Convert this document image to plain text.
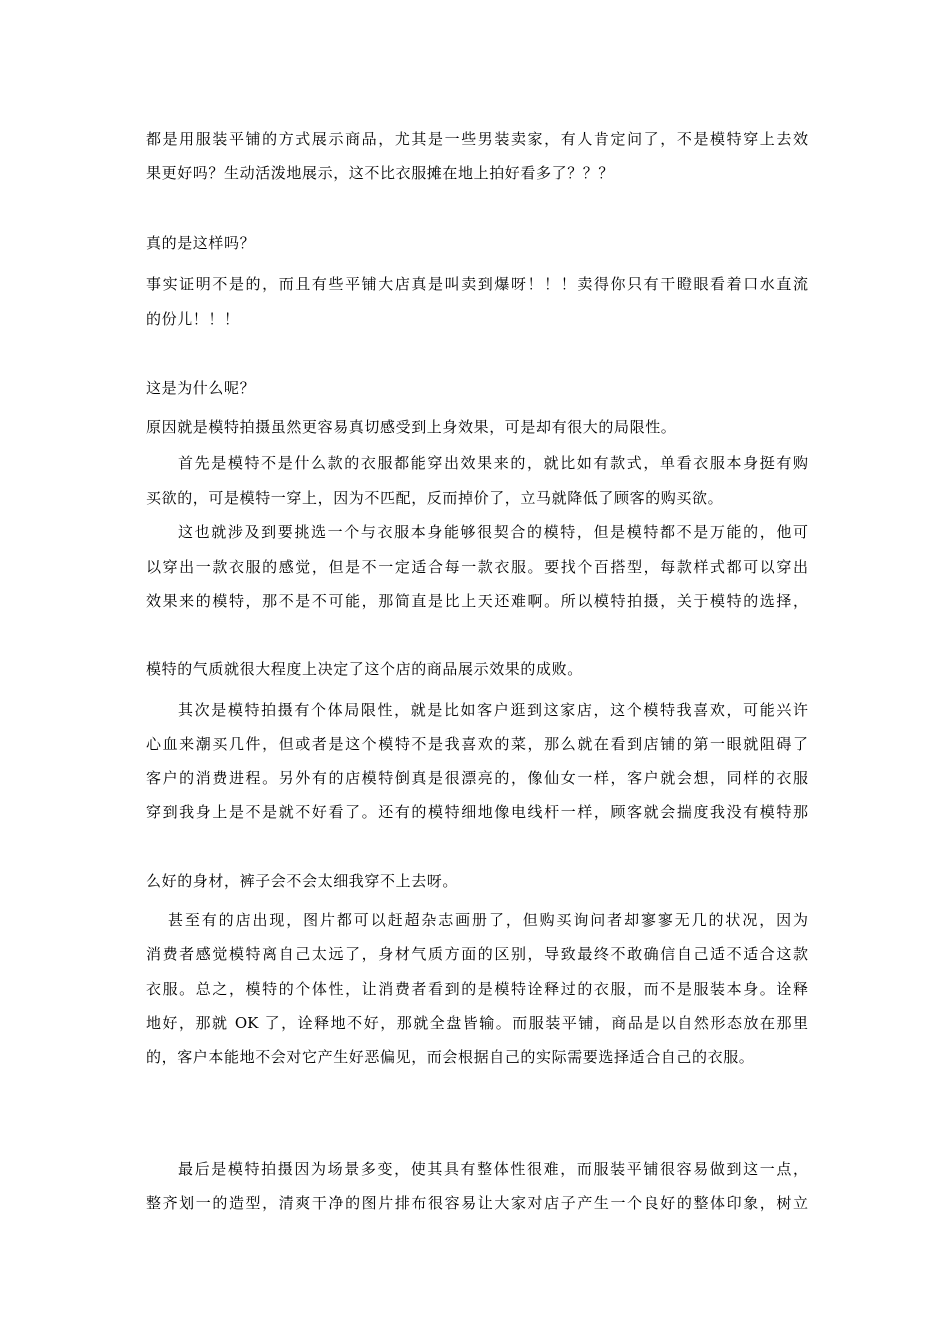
都是用服装平铺的方式展示商品，尤其是一些男装卖家，有人肯定问了，不是模特穿上去效
果更好吗？生动活泼地展示，这不比衣服摊在地上拍好看多了？？？
真的是这样吗？
事实证明不是的，而且有些平铺大店真是叫卖到爆呀！！！卖得你只有干瞪眼看着口水直流
的份儿！！！
这是为什么呢？
原因就是模特拍摄虽然更容易真切感受到上身效果，可是却有很大的局限性。
首先是模特不是什么款的衣服都能穿出效果来的，就比如有款式，单看衣服本身挺有购
买欲的，可是模特一穿上，因为不匹配，反而掉价了，立马就降低了顾客的购买欲。
这也就涉及到要挑选一个与衣服本身能够很契合的模特，但是模特都不是万能的，他可
以穿出一款衣服的感觉，但是不一定适合每一款衣服。要找个百搭型，每款样式都可以穿出
效果来的模特，那不是不可能，那简直是比上天还难啊。所以模特拍摄，关于模特的选择，
模特的气质就很大程度上决定了这个店的商品展示效果的成败。
其次是模特拍摄有个体局限性，就是比如客户逛到这家店，这个模特我喜欢，可能兴许
心血来潮买几件，但或者是这个模特不是我喜欢的菜，那么就在看到店铺的第一眼就阻碍了
客户的消费进程。另外有的店模特倒真是很漂亮的，像仙女一样，客户就会想，同样的衣服
穿到我身上是不是就不好看了。还有的模特细地像电线杆一样，顾客就会揣度我没有模特那
么好的身材，裤子会不会太细我穿不上去呀。
甚至有的店出现，图片都可以赶超杂志画册了，但购买询问者却寥寥无几的状况，因为
消费者感觉模特离自己太远了，身材气质方面的区别，导致最终不敢确信自己适不适合这款
衣服。总之，模特的个体性，让消费者看到的是模特诠释过的衣服，而不是服装本身。诠释
地好，那就 OK 了，诠释地不好，那就全盘皆输。而服装平铺，商品是以自然形态放在那里
的，客户本能地不会对它产生好恶偏见，而会根据自己的实际需要选择适合自己的衣服。
最后是模特拍摄因为场景多变，使其具有整体性很难，而服装平铺很容易做到这一点，
整齐划一的造型，清爽干净的图片排布很容易让大家对店子产生一个良好的整体印象，树立
